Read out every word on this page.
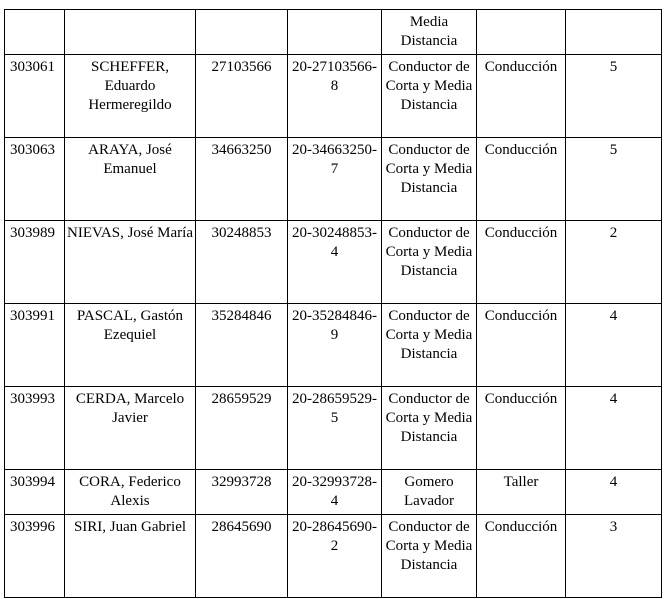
				Media Distancia		
303061	SCHEFFER, Eduardo Hermeregildo	27103566	20-27103566-8	Conductor de Corta y Media Distancia	Conducción	5
303063	ARAYA, José Emanuel	34663250	20-34663250-7	Conductor de Corta y Media Distancia	Conducción	5
303989	NIEVAS, José María	30248853	20-30248853-4	Conductor de Corta y Media Distancia	Conducción	2
303991	PASCAL, Gastón Ezequiel	35284846	20-35284846-9	Conductor de Corta y Media Distancia	Conducción	4
303993	CERDA, Marcelo Javier	28659529	20-28659529-5	Conductor de Corta y Media Distancia	Conducción	4
303994	CORA, Federico Alexis	32993728	20-32993728-4	Gomero Lavador	Taller	4
303996	SIRI, Juan Gabriel	28645690	20-28645690-2	Conductor de Corta y Media Distancia	Conducción	3
